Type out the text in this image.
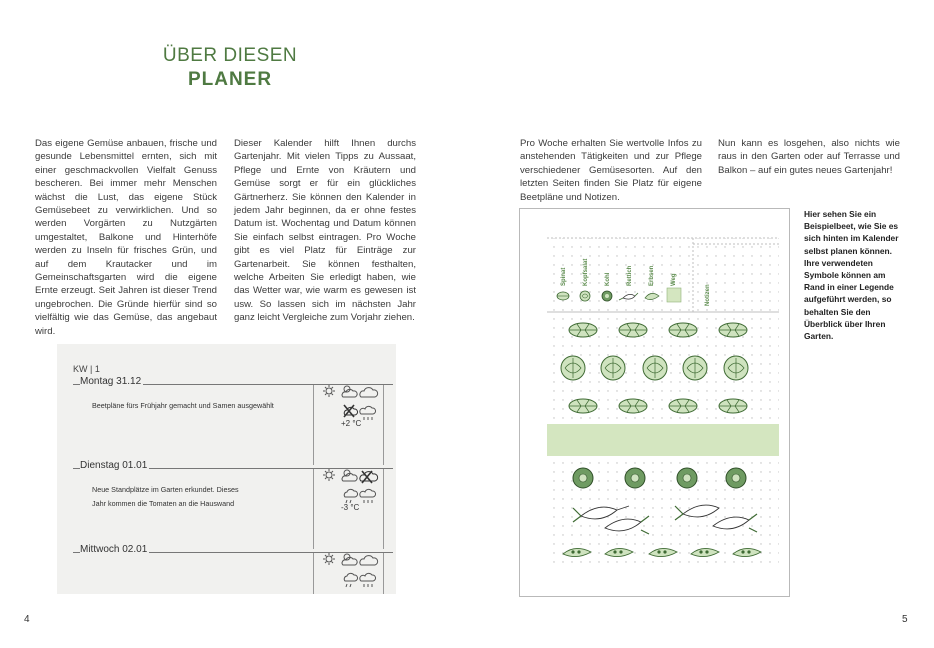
ÜBER DIESEN
PLANER
Das eigene Gemüse anbauen, frische und gesunde Lebensmittel ernten, sich mit einer geschmackvollen Vielfalt Genuss bescheren. Bei immer mehr Menschen wächst die Lust, das eigene Stück Gemüsebeet zu verwirklichen. Und so werden Vorgärten zu Nutzgärten umgestaltet, Balkone und Hinterhöfe werden zu Inseln für frisches Grün, und auf dem Krautacker und im Gemeinschaftsgarten wird die eigene Ernte erzeugt. Seit Jahren ist dieser Trend ungebrochen. Die Gründe hierfür sind so vielfältig wie das Gemüse, das angebaut wird.
Dieser Kalender hilft Ihnen durchs Gartenjahr. Mit vielen Tipps zu Aussaat, Pflege und Ernte von Kräutern und Gemüse sorgt er für ein glückliches Gärtnerherz. Sie können den Kalender in jedem Jahr beginnen, da er ohne festes Datum ist. Wochentag und Datum können Sie einfach selbst eintragen. Pro Woche gibt es viel Platz für Einträge zur Gartenarbeit. Sie können festhalten, welche Arbeiten Sie erledigt haben, wie das Wetter war, wie warm es gewesen ist usw. So lassen sich im nächsten Jahr ganz leicht Vergleiche zum Vorjahr ziehen.
Pro Woche erhalten Sie wertvolle Infos zu anstehenden Tätigkeiten und zur Pflege verschiedener Gemüsesorten. Auf den letzten Seiten finden Sie Platz für eigene Beetpläne und Notizen.
Nun kann es losgehen, also nichts wie raus in den Garten oder auf Terrasse und Balkon – auf ein gutes neues Gartenjahr!
KW | 1
Montag 31.12
Beetpläne fürs Frühjahr gemacht und Samen ausgewählt
+2 °C
Dienstag 01.01
Neue Standplätze im Garten erkundet. Dieses
Jahr kommen die Tomaten an die Hauswand	-3 °C
Mittwoch 02.01
Spinat	Kopfsalat	Kohl	Rettich	Erbsen	Weg
Notizen
Hier sehen Sie ein Beispielbeet, wie Sie es sich hinten im Kalender selbst planen können. Ihre verwendeten Symbole können am Rand in einer Legende aufgeführt werden, so behalten Sie den Überblick über Ihren Garten.
4	5
